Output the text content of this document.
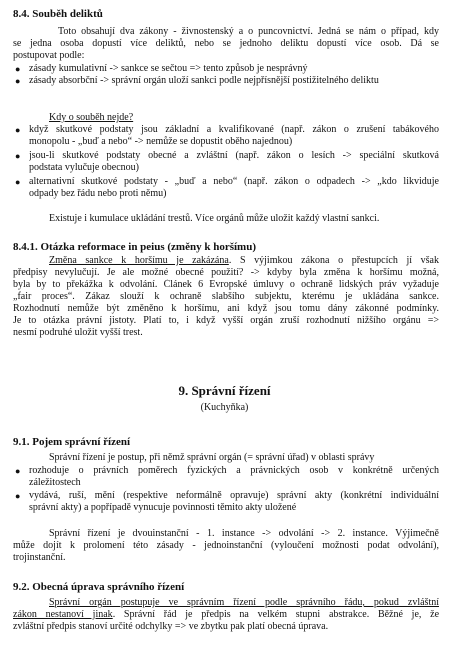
8.4. Souběh deliktů
Toto obsahují dva zákony - živnostenský a o puncovnictví. Jedná se nám o případ, kdy
se jedna osoba dopustí více deliktů, nebo se jednoho deliktu dopustí více osob. Dá se
postupovat podle:
● zásady kumulativní -> sankce se sečtou => tento způsob je nesprávný
● zásady absorbční -> správní orgán uloží sankci podle nejpřísnější postižitelného deliktu
Kdy o souběh nejde?
● když skutkové podstaty jsou základní a kvalifikované (např. zákon o zrušení tabákového
monopolu - „buď a nebo“ -> nemůže se dopustit oběho najednou)
● jsou-li skutkové podstaty obecné a zvláštní (např. zákon o lesích -> speciální skutková
podstata vylučuje obecnou)
● alternativní skutkové podstaty - „buď a nebo“ (např. zákon o odpadech -> „kdo likviduje
odpady bez řádu nebo proti němu)
Existuje i kumulace ukládání trestů. Více orgánů může uložit každý vlastní sankci.
8.4.1. Otázka reformace in peius (změny k horšímu)
Změna sankce k horšímu je zakázána. S výjimkou zákona o přestupcích jí však
předpisy nevylučují. Je ale možné obecné použití? -> kdyby byla změna k horšímu možná,
byla by to překážka k odvolání. Článek 6 Evropské úmluvy o ochraně lidských práv vyžaduje
„fair proces“. Zákaz slouží k ochraně slabšího subjektu, kterému je ukládána sankce.
Rozhodnutí nemůže být změněno k horšímu, ani když jsou tomu dány zákonné podmínky.
Je to otázka právní jistoty. Platí to, i když vyšší orgán zruší rozhodnutí nižšího orgánu =>
nesmí podruhé uložit vyšší trest.
9. Správní řízení
(Kuchyňka)
9.1. Pojem správní řízení
Správní řízení je postup, při němž správní orgán (= správní úřad) v oblasti správy
● rozhoduje o právních poměrech fyzických a právnických osob v konkrétně určených
záležitostech
● vydává, ruší, mění (respektive neformálně opravuje) správní akty (konkrétní individuální
správní akty) a popřípadě vynucuje povinnosti těmito akty uložené
Správní řízení je dvouinstanční - 1. instance -> odvolání -> 2. instance. Výjimečně
může dojít k prolomení této zásady - jednoinstanční (vyloučení možnosti podat odvolání),
trojinstanční.
9.2. Obecná úprava správního řízení
Správní orgán postupuje ve správním řízení podle správního řádu, pokud zvláštní
zákon nestanoví jinak. Správní řád je předpis na velkém stupni abstrakce. Běžné je, že
zvláštní předpis stanoví určité odchylky => ve zbytku pak platí obecná úprava.
